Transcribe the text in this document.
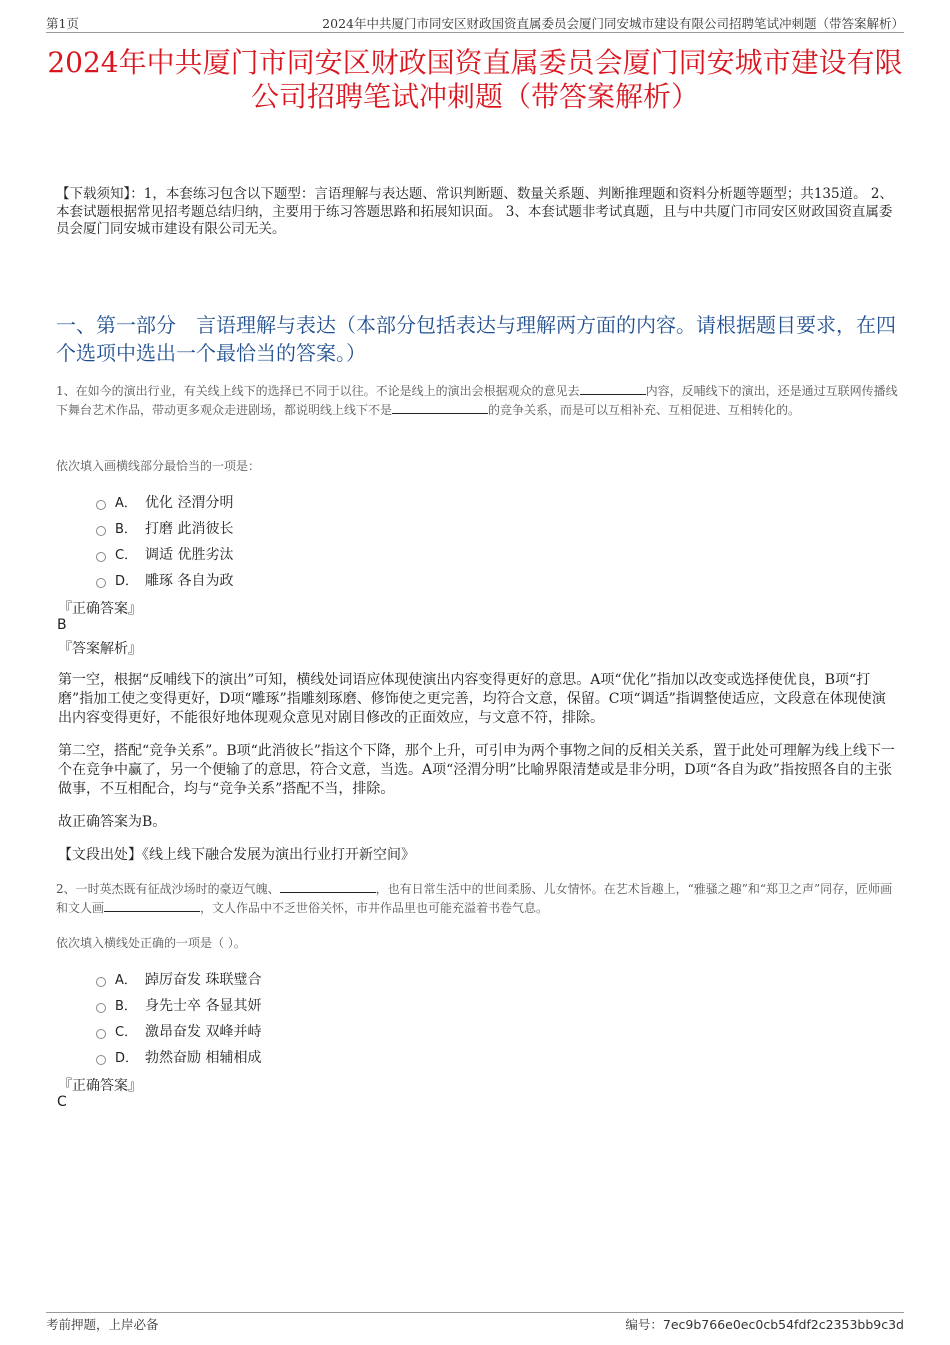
第1页	2024年中共厦门市同安区财政国资直属委员会厦门同安城市建设有限公司招聘笔试冲刺题（带答案解析）
2024年中共厦门市同安区财政国资直属委员会厦门同安城市建设有限公司招聘笔试冲刺题（带答案解析）

【下载须知】：1，本套练习包含以下题型：言语理解与表达题、常识判断题、数量关系题、判断推理题和资料分析题等题型；共135道。 2、本套试题根据常见招考题总结归纳，主要用于练习答题思路和拓展知识面。 3、本套试题非考试真题，且与中共厦门市同安区财政国资直属委员会厦门同安城市建设有限公司无关。

一、第一部分　言语理解与表达（本部分包括表达与理解两方面的内容。请根据题目要求，在四个选项中选出一个最恰当的答案。）

1、在如今的演出行业，有关线上线下的选择已不同于以往。不论是线上的演出会根据观众的意见去	内容，反哺线下的演出，还是通过互联网传播线下舞台艺术作品，带动更多观众走进剧场，都说明线上线下不是	的竞争关系，而是可以互相补充、互相促进、互相转化的。

依次填入画横线部分最恰当的一项是：

A． 优化 泾渭分明
B． 打磨 此消彼长
C． 调适 优胜劣汰
D． 雕琢 各自为政
『正确答案』
B
『答案解析』

第一空，根据“反哺线下的演出”可知，横线处词语应体现使演出内容变得更好的意思。A项“优化”指加以改变或选择使优良，B项“打磨”指加工使之变得更好，D项“雕琢”指雕刻琢磨、修饰使之更完善，均符合文意，保留。C项“调适”指调整使适应，文段意在体现使演出内容变得更好，不能很好地体现观众意见对剧目修改的正面效应，与文意不符，排除。

第二空，搭配“竞争关系”。B项“此消彼长”指这个下降，那个上升，可引申为两个事物之间的反相关关系，置于此处可理解为线上线下一个在竞争中赢了，另一个便输了的意思，符合文意，当选。A项“泾渭分明”比喻界限清楚或是非分明，D项“各自为政”指按照各自的主张做事，不互相配合，均与“竞争关系”搭配不当，排除。

故正确答案为B。

【文段出处】《线上线下融合发展为演出行业打开新空间》

2、一时英杰既有征战沙场时的豪迈气魄、	，也有日常生活中的世间柔肠、儿女情怀。在艺术旨趣上，“雅骚之趣”和“郑卫之声”同存，匠师画和文人画	，文人作品中不乏世俗关怀，市井作品里也可能充溢着书卷气息。

依次填入横线处正确的一项是（ ）。

A． 踔厉奋发 珠联璧合
B． 身先士卒 各显其妍
C． 激昂奋发 双峰并峙
D． 勃然奋励 相辅相成
『正确答案』
C
考前押题，上岸必备	编号：7ec9b766e0ec0cb54fdf2c2353bb9c3d
